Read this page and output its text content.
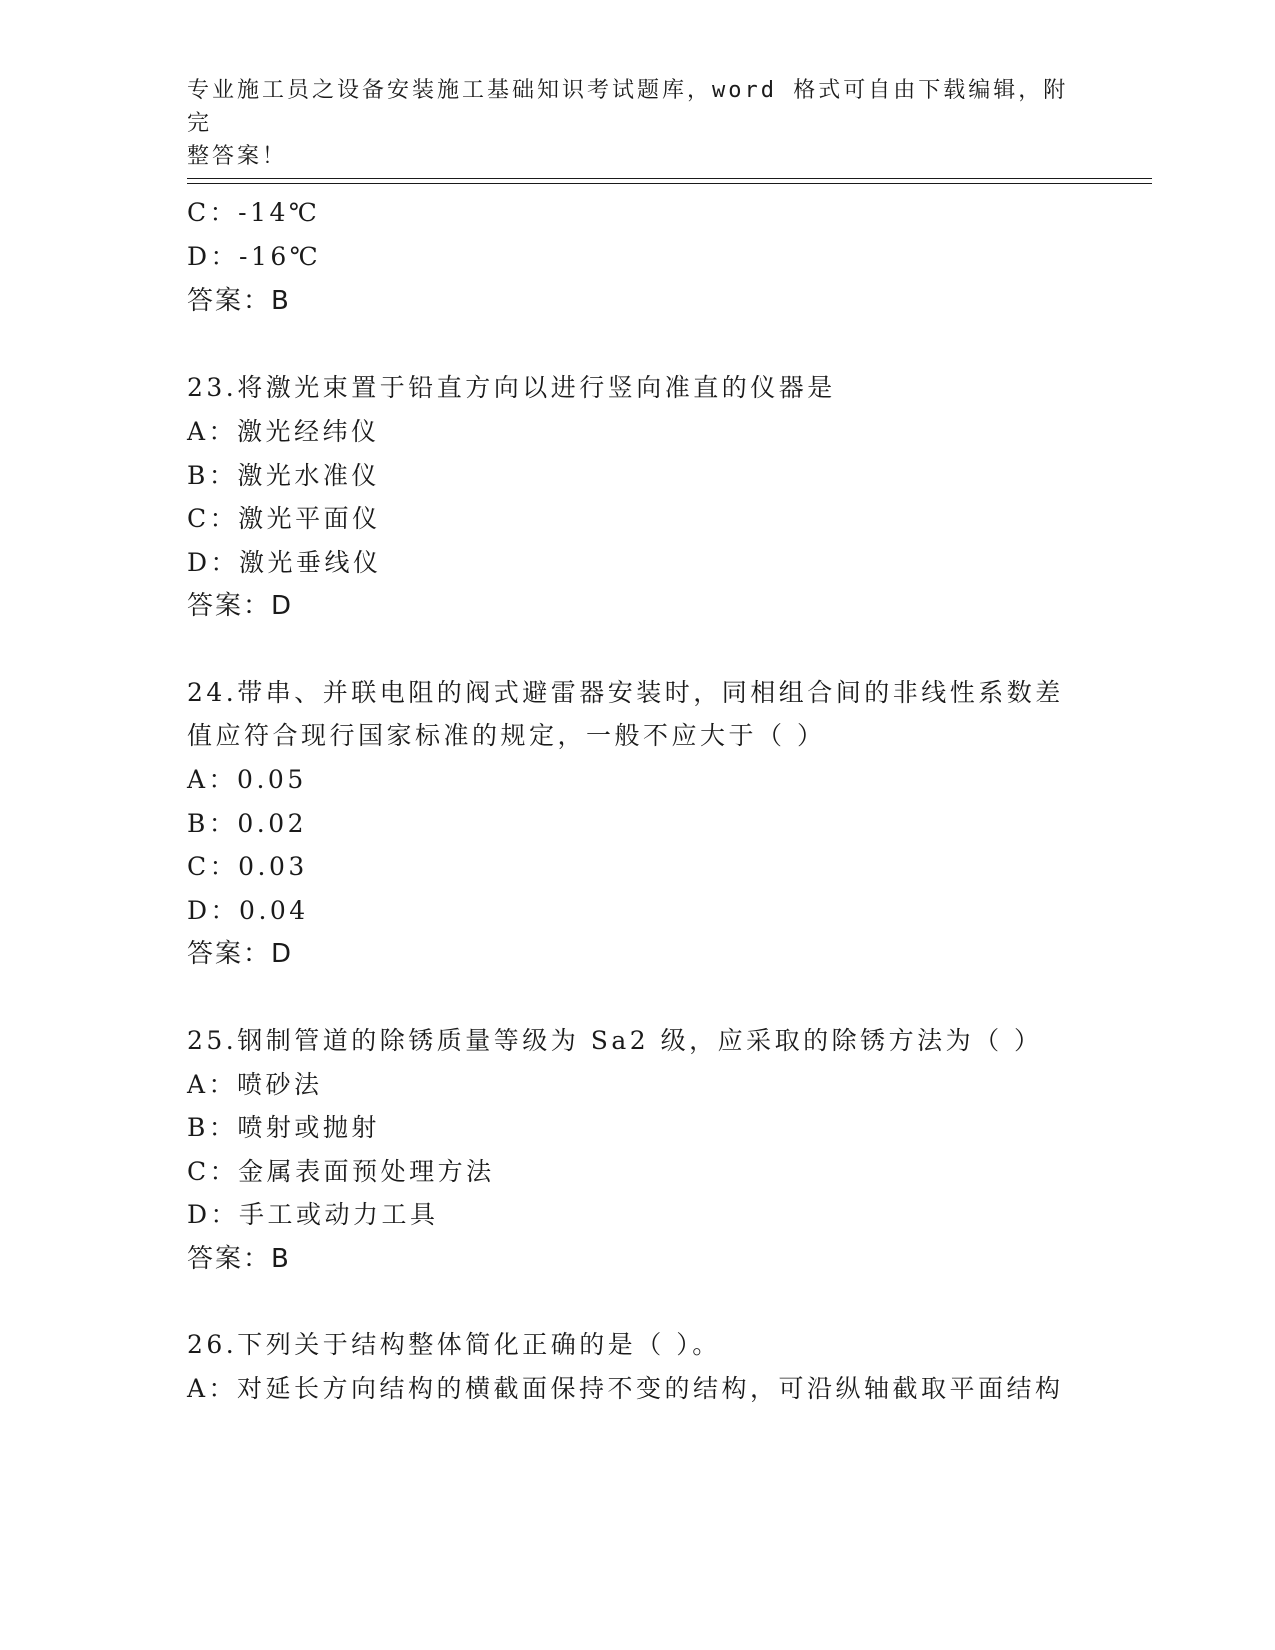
专业施工员之设备安装施工基础知识考试题库，word 格式可自由下载编辑，附完
整答案！
C：-14℃
D：-16℃
答案：B
23.将激光束置于铅直方向以进行竖向准直的仪器是
A：激光经纬仪
B：激光水准仪
C：激光平面仪
D：激光垂线仪
答案：D
24.带串、并联电阻的阀式避雷器安装时，同相组合间的非线性系数差
值应符合现行国家标准的规定，一般不应大于（ ）
A：0.05
B：0.02
C：0.03
D：0.04
答案：D
25.钢制管道的除锈质量等级为 Sa2 级，应采取的除锈方法为（ ）
A：喷砂法
B：喷射或抛射
C：金属表面预处理方法
D：手工或动力工具
答案：B
26.下列关于结构整体简化正确的是（ ）。
A：对延长方向结构的横截面保持不变的结构，可沿纵轴截取平面结构
